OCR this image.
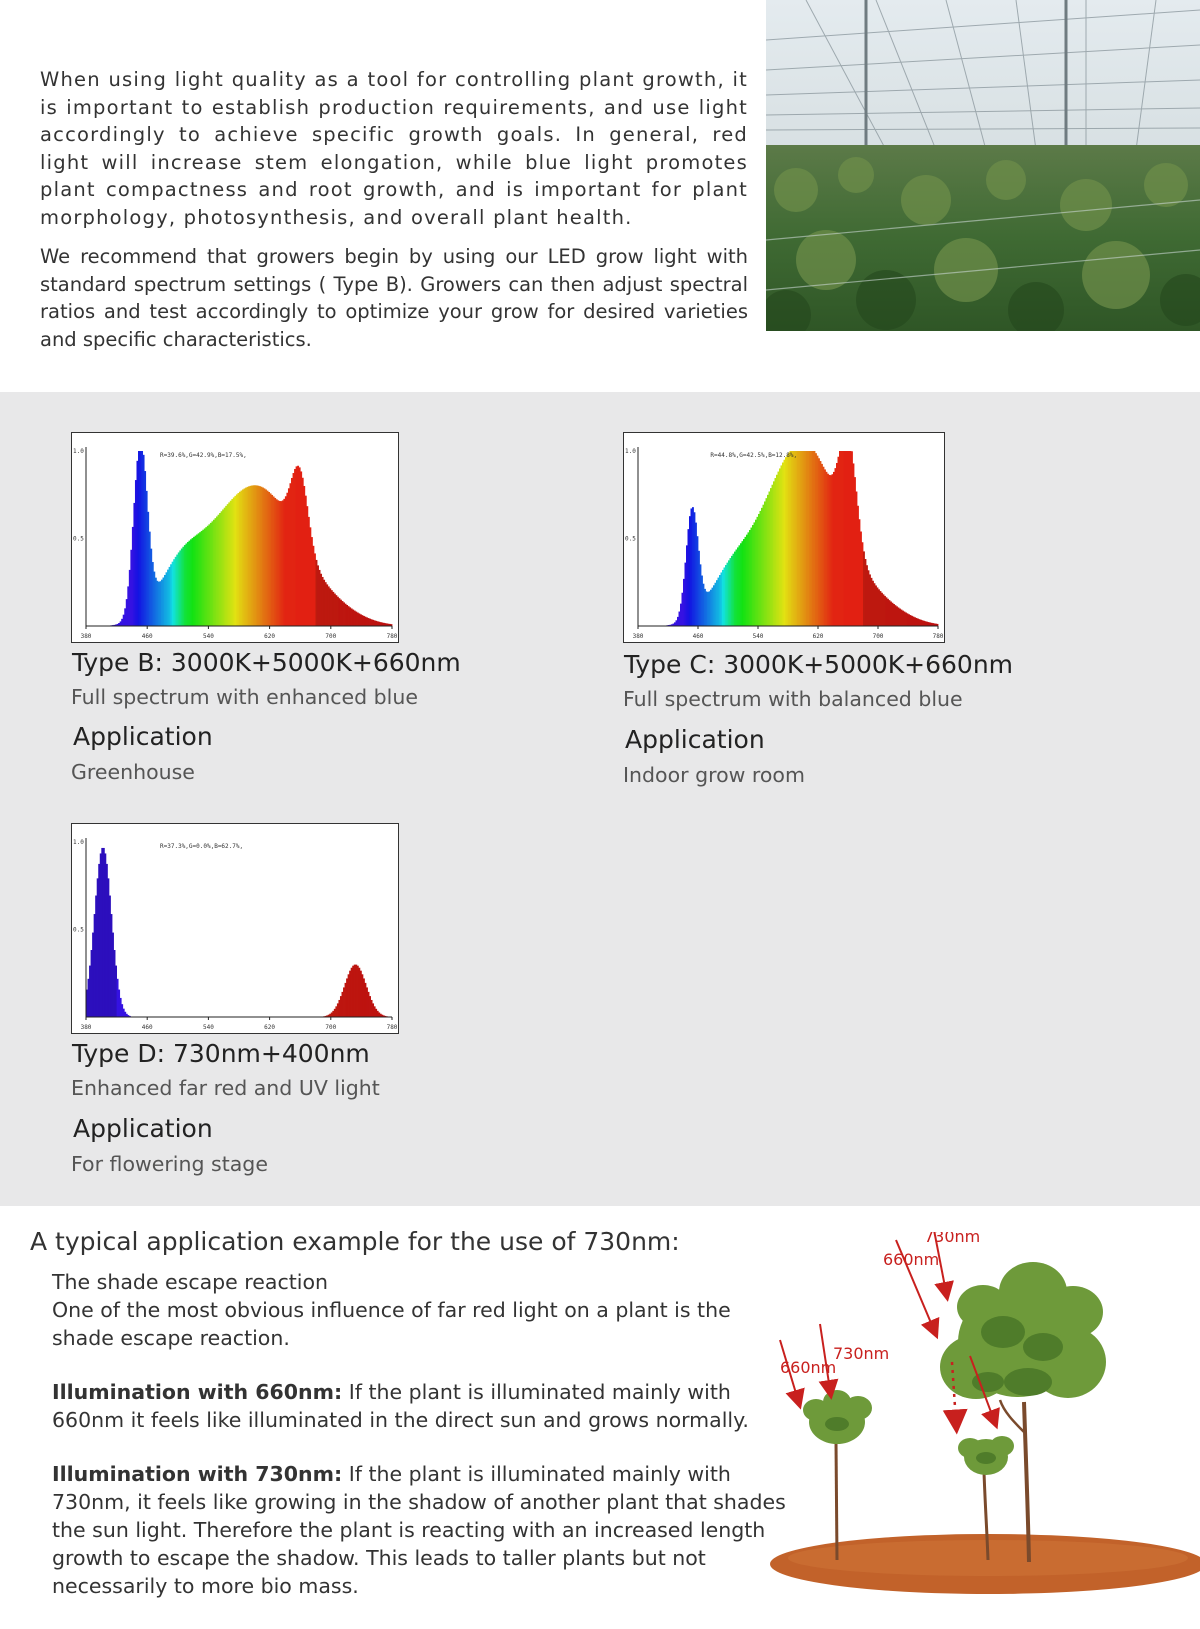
When using light quality as a tool for controlling plant growth, it is important to establish production requirements, and use light accordingly to achieve specific growth goals. In general, red light will increase stem elongation, while blue light promotes plant compactness and root growth, and is important for plant morphology, photosynthesis, and overall plant health.

We recommend that growers begin by using our LED grow light with standard spectrum settings ( Type B). Growers can then adjust spectral ratios and test accordingly to optimize your grow for desired varieties and specific characteristics.

1.0
0.5
380	460	540	620	700	780
R=39.6%,G=42.9%,B=17.5%,
Type B: 3000K+5000K+660nm
Full spectrum with enhanced blue
Application
Greenhouse
1.0
0.5
380	460	540	620	700	780
R=44.8%,G=42.5%,B=12.8%,
Type C: 3000K+5000K+660nm
Full spectrum with balanced blue
Application
Indoor grow room
1.0
0.5
380	460	540	620	700	780
R=37.3%,G=0.0%,B=62.7%,
Type D: 730nm+400nm
Enhanced far red and UV light
Application
For flowering stage
A typical application example for the use of 730nm:
The shade escape reaction
One of the most obvious influence of far red light on a plant is the shade escape reaction.
Illumination with 660nm: If the plant is illuminated mainly with 660nm it feels like illuminated in the direct sun and grows normally.
Illumination with 730nm: If the plant is illuminated mainly with 730nm, it feels like growing in the shadow of another plant that shades the sun light. Therefore the plant is reacting with an increased length growth to escape the shadow. This leads to taller plants but not necessarily to more bio mass.
730nm
660nm
730nm
660nm
